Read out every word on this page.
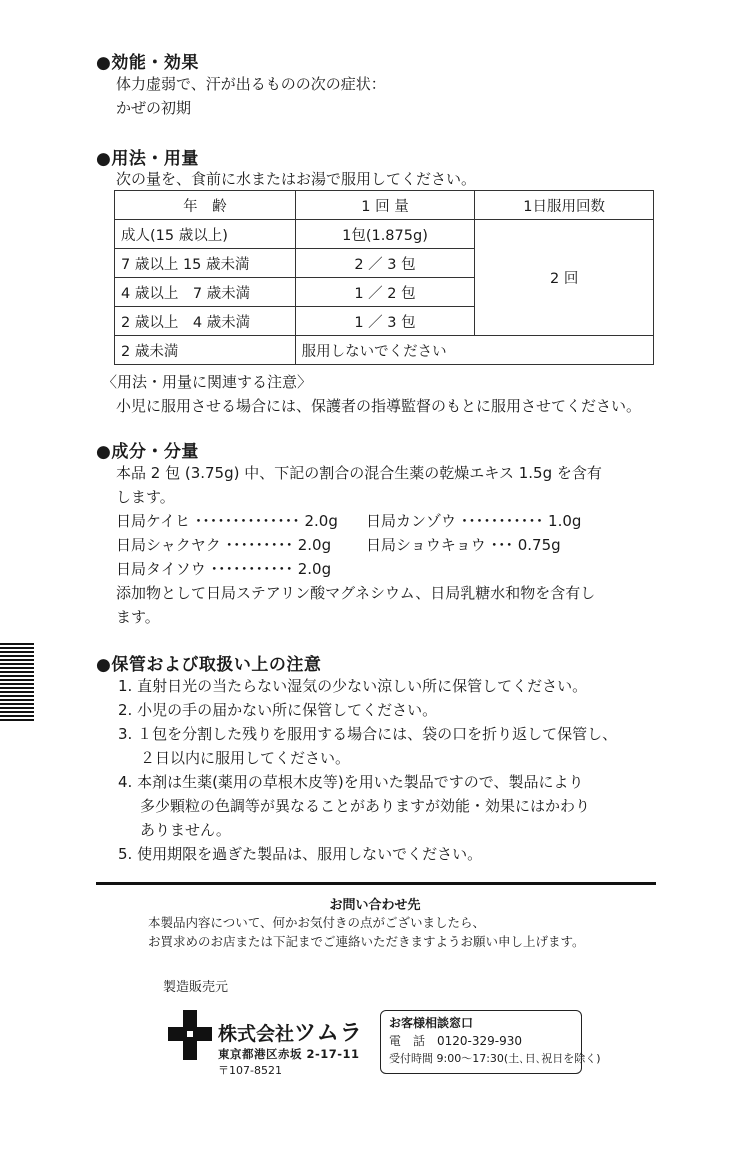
●効能・効果
体力虚弱で、汗が出るものの次の症状：
かぜの初期
●用法・用量
次の量を、食前に水またはお湯で服用してください。
年　齢	1 回 量	1日服用回数
成人(15 歳以上)	1包(1.875g)	2 回
7 歳以上 15 歳未満	2 ／ 3 包	
4 歳以上　7 歳未満	1 ／ 2 包	
2 歳以上　4 歳未満	1 ／ 3 包	
2 歳未満	服用しないでください	
〈用法・用量に関連する注意〉
小児に服用させる場合には、保護者の指導監督のもとに服用させてください。
●成分・分量
本品 2 包 (3.75g) 中、下記の割合の混合生薬の乾燥エキス 1.5g を含有
します。
日局ケイヒ ･･････････････ 2.0g 日局カンゾウ ･･･････････ 1.0g
日局シャクヤク ･････････ 2.0g 日局ショウキョウ ･･･ 0.75g
日局タイソウ ･･･････････ 2.0g
添加物として日局ステアリン酸マグネシウム、日局乳糖水和物を含有し
ます。
●保管および取扱い上の注意
1. 直射日光の当たらない湿気の少ない涼しい所に保管してください。
2. 小児の手の届かない所に保管してください。
3. １包を分割した残りを服用する場合には、袋の口を折り返して保管し、
２日以内に服用してください。
4. 本剤は生薬(薬用の草根木皮等)を用いた製品ですので、製品により
多少顆粒の色調等が異なることがありますが効能・効果にはかわり
ありません。
5. 使用期限を過ぎた製品は、服用しないでください。
お問い合わせ先
本製品内容について、何かお気付きの点がございましたら、
お買求めのお店または下記までご連絡いただきますようお願い申し上げます。
製造販売元
株式会社ツムラ
東京都港区赤坂 2-17-11
〒107-8521
お客様相談窓口
電　話　0120-329-930
受付時間 9:00〜17:30(土､日､祝日を除く)
